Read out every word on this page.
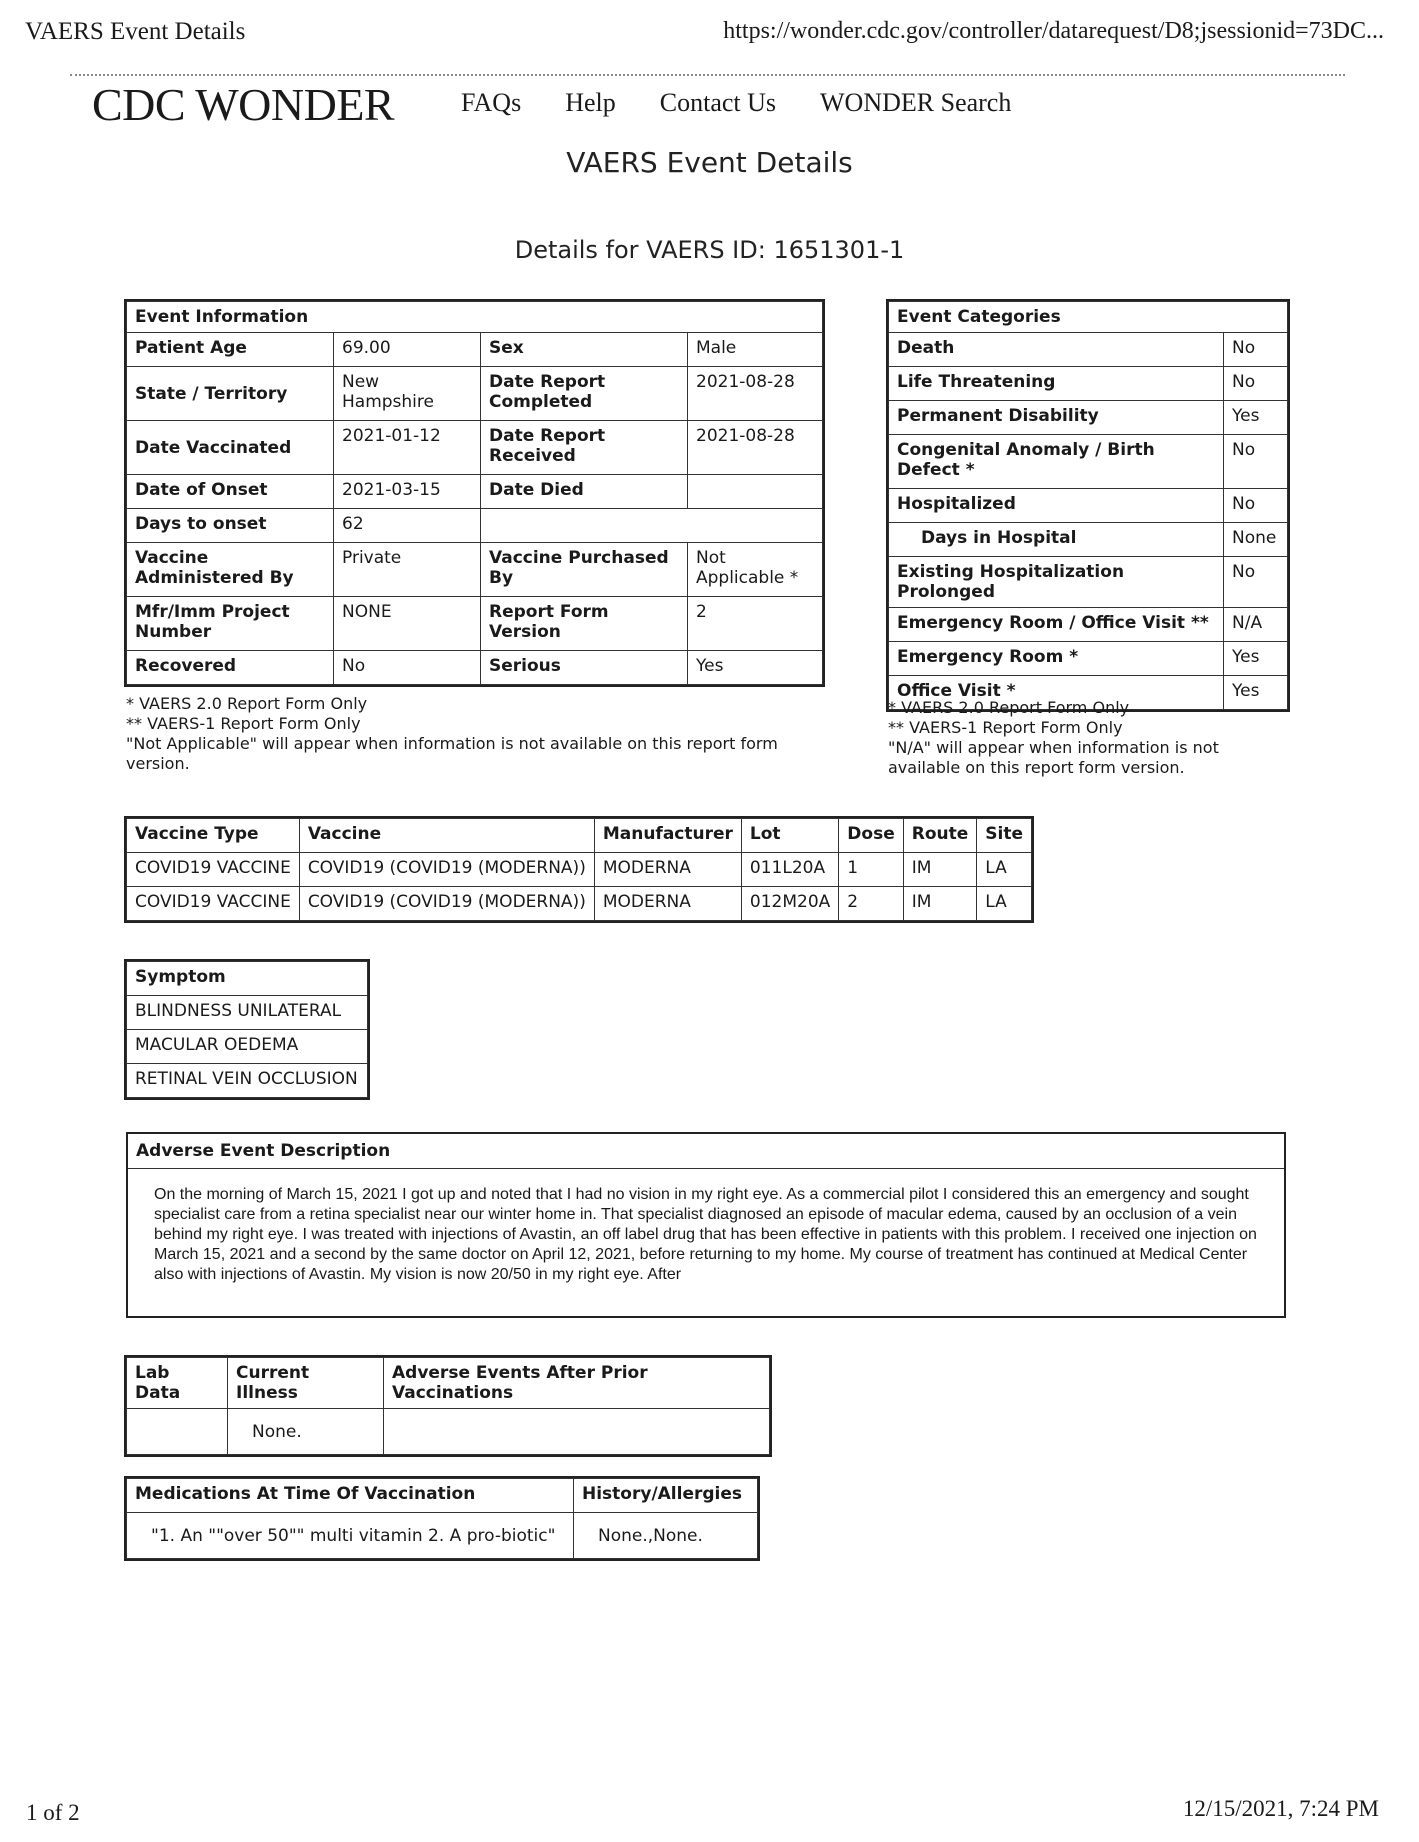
VAERS Event Details	https://wonder.cdc.gov/controller/datarequest/D8;jsessionid=73DC...
CDC WONDER	FAQs Help Contact Us WONDER Search
VAERS Event Details
Details for VAERS ID: 1651301-1
Event Information			
Patient Age	69.00	Sex	Male
State / Territory	New Hampshire	Date Report Completed	2021-08-28
Date Vaccinated	2021-01-12	Date Report Received	2021-08-28
Date of Onset	2021-03-15	Date Died	
Days to onset	62		
Vaccine Administered By	Private	Vaccine Purchased By	Not Applicable *
Mfr/Imm Project Number	NONE	Report Form Version	2
Recovered	No	Serious	Yes
* VAERS 2.0 Report Form Only
** VAERS-1 Report Form Only
"Not Applicable" will appear when information is not available on this report form version.
Event Categories	
Death	No
Life Threatening	No
Permanent Disability	Yes
Congenital Anomaly / Birth Defect *	No
Hospitalized	No
Days in Hospital	None
Existing Hospitalization Prolonged	No
Emergency Room / Office Visit **	N/A
Emergency Room *	Yes
Office Visit *	Yes
* VAERS 2.0 Report Form Only
** VAERS-1 Report Form Only
"N/A" will appear when information is not available on this report form version.
Vaccine Type	Vaccine	Manufacturer	Lot	Dose	Route	Site
COVID19 VACCINE	COVID19 (COVID19 (MODERNA))	MODERNA	011L20A	1	IM	LA
COVID19 VACCINE	COVID19 (COVID19 (MODERNA))	MODERNA	012M20A	2	IM	LA
Symptom
BLINDNESS UNILATERAL
MACULAR OEDEMA
RETINAL VEIN OCCLUSION
Adverse Event Description
On the morning of March 15, 2021 I got up and noted that I had no vision in my right eye. As a commercial pilot I considered this an emergency and sought specialist care from a retina specialist near our winter home in. That specialist diagnosed an episode of macular edema, caused by an occlusion of a vein behind my right eye. I was treated with injections of Avastin, an off label drug that has been effective in patients with this problem. I received one injection on March 15, 2021 and a second by the same doctor on April 12, 2021, before returning to my home. My course of treatment has continued at Medical Center also with injections of Avastin. My vision is now 20/50 in my right eye. After
Lab Data	Current Illness	Adverse Events After Prior Vaccinations
	None.	
Medications At Time Of Vaccination	History/Allergies
"1. An ""over 50"" multi vitamin 2. A pro-biotic"	None.,None.
1 of 2	12/15/2021, 7:24 PM
